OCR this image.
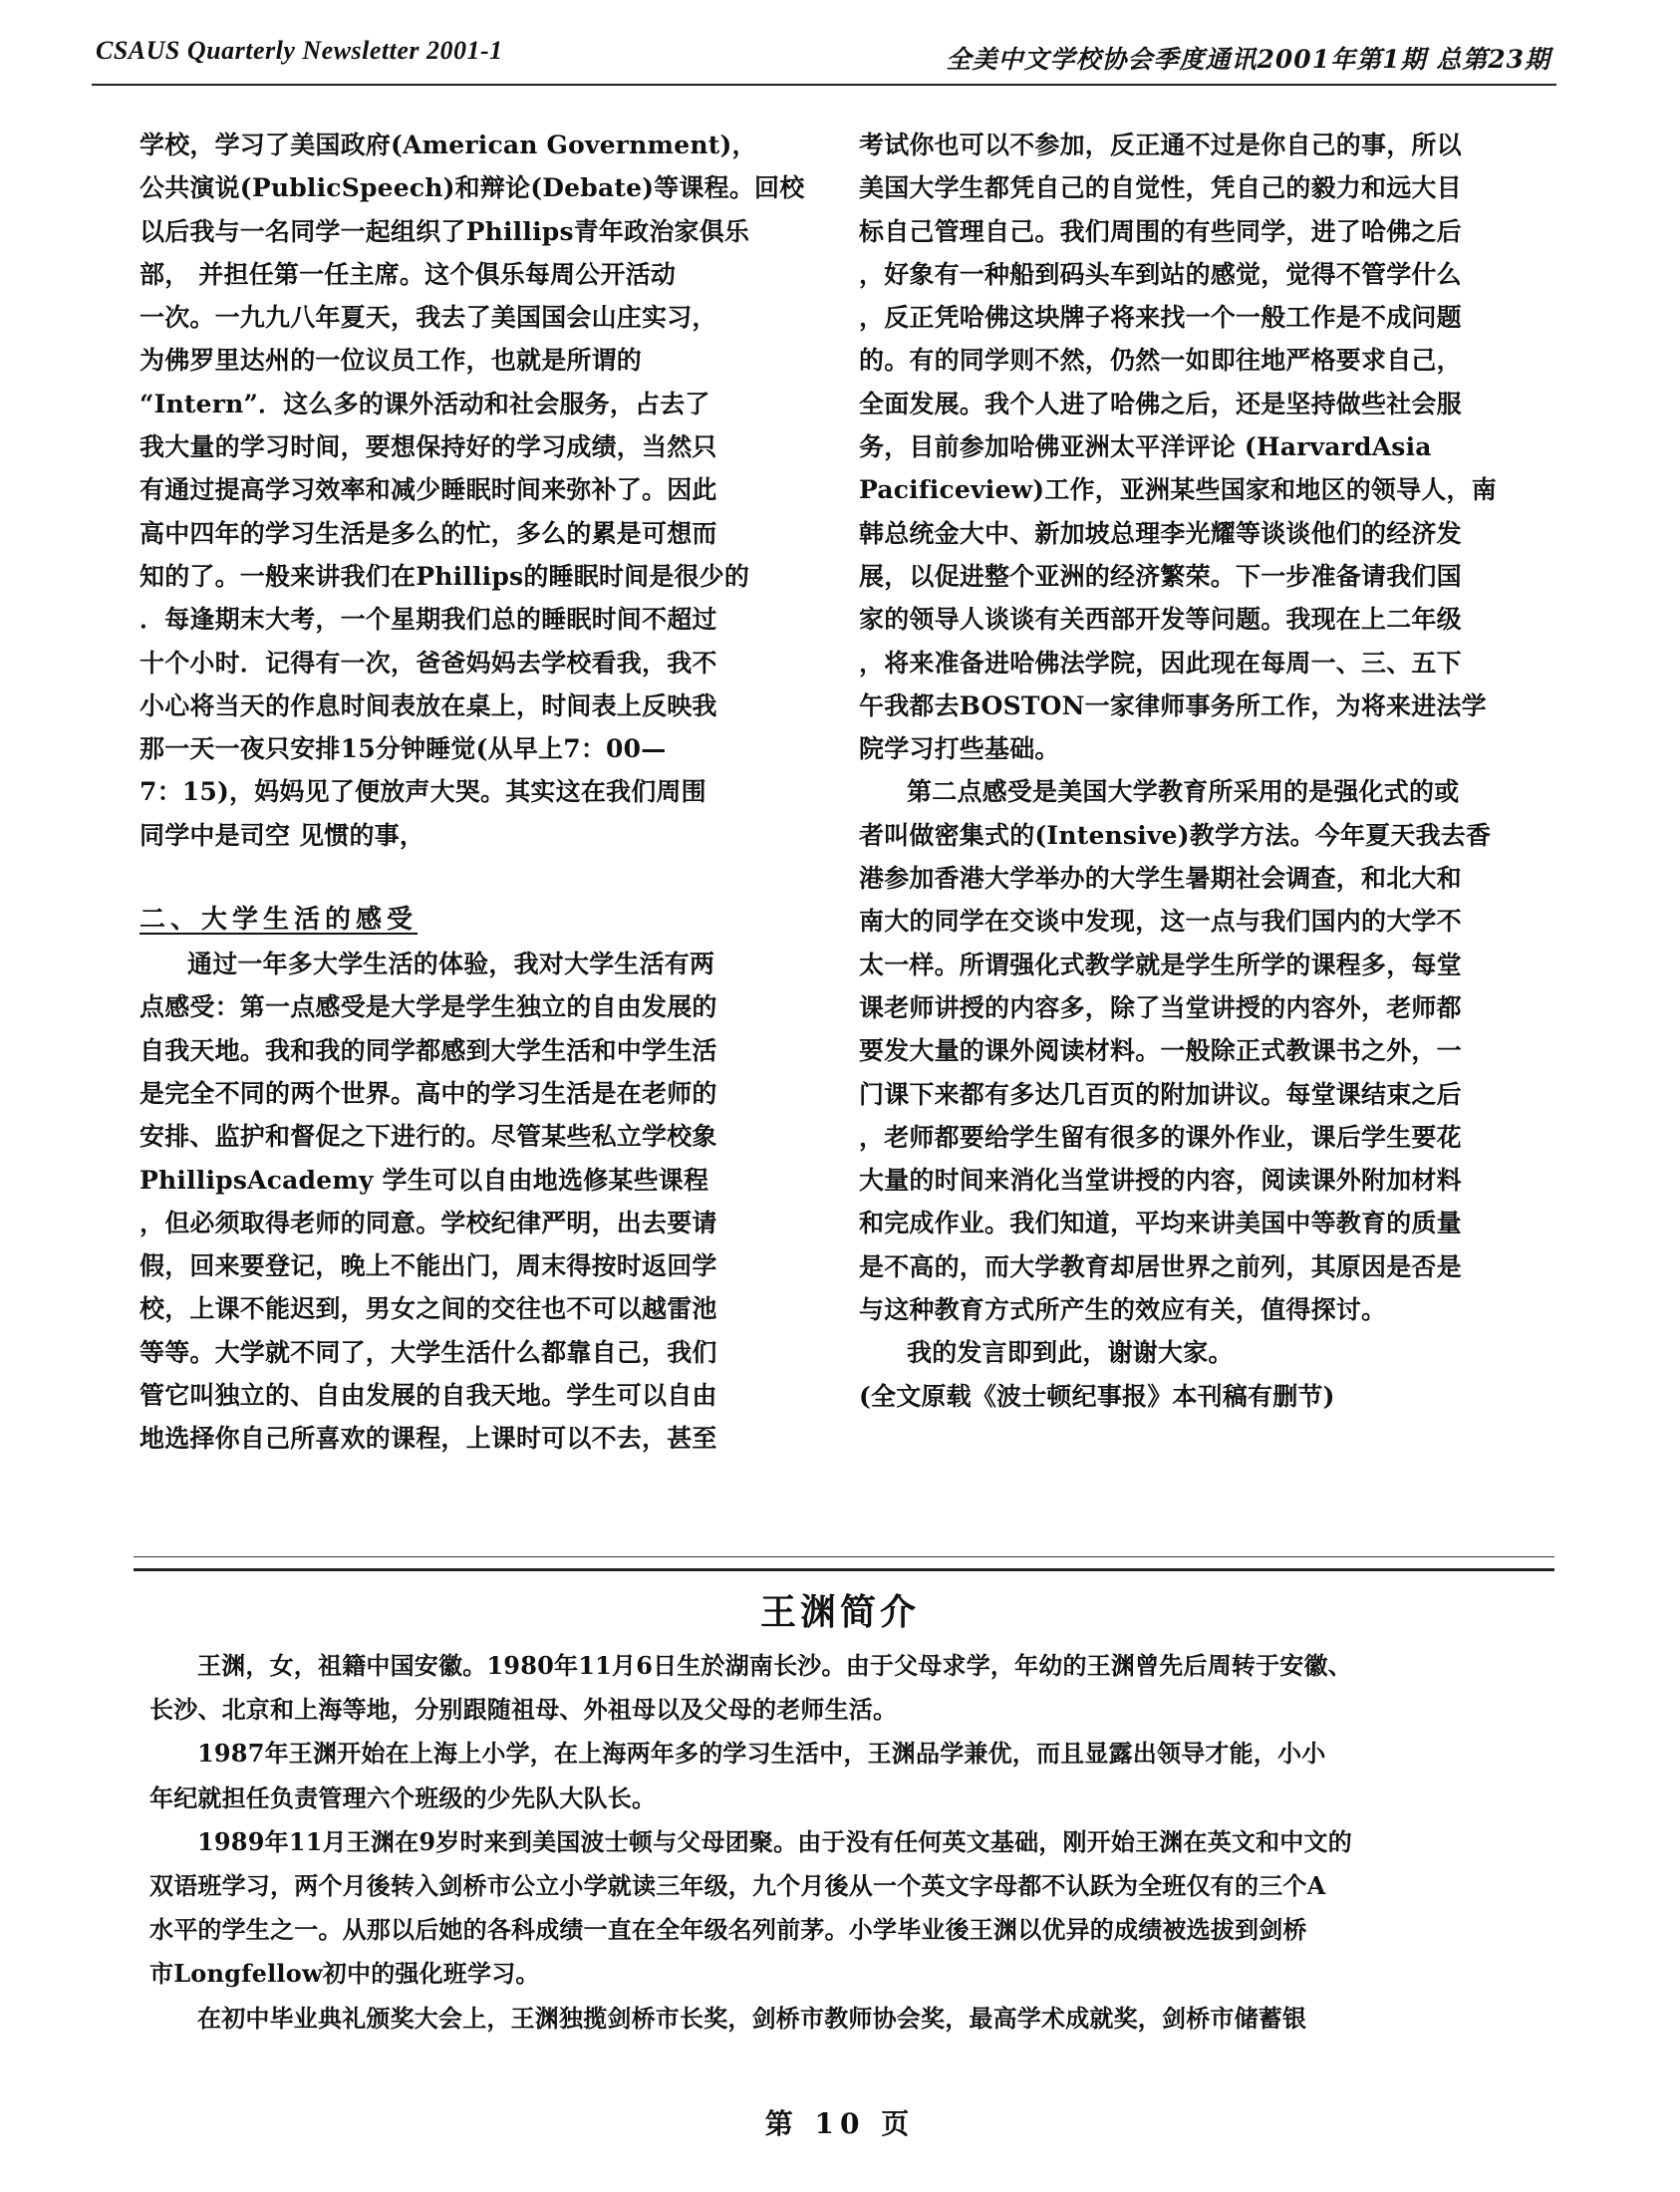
CSAUS Quarterly Newsletter 2001-1	全美中文学校协会季度通讯2001年第1期 总第23期
学校，学习了美国政府(American Government)，
公共演说(PublicSpeech)和辩论(Debate)等课程。回校
以后我与一名同学一起组织了Phillips青年政治家俱乐
部， 并担任第一任主席。这个俱乐每周公开活动
一次。一九九八年夏天，我去了美国国会山庄实习，
为佛罗里达州的一位议员工作，也就是所谓的
“Intern”．这么多的课外活动和社会服务，占去了
我大量的学习时间，要想保持好的学习成绩，当然只
有通过提高学习效率和减少睡眠时间来弥补了。因此
高中四年的学习生活是多么的忙，多么的累是可想而
知的了。一般来讲我们在Phillips的睡眠时间是很少的
．每逢期末大考，一个星期我们总的睡眠时间不超过
十个小时．记得有一次，爸爸妈妈去学校看我，我不
小心将当天的作息时间表放在桌上，时间表上反映我
那一天一夜只安排15分钟睡觉(从早上7：00—
7：15)，妈妈见了便放声大哭。其实这在我们周围
同学中是司空 见惯的事，
二、大学生活的感受
通过一年多大学生活的体验，我对大学生活有两
点感受：第一点感受是大学是学生独立的自由发展的
自我天地。我和我的同学都感到大学生活和中学生活
是完全不同的两个世界。高中的学习生活是在老师的
安排、监护和督促之下进行的。尽管某些私立学校象
PhillipsAcademy 学生可以自由地选修某些课程
，但必须取得老师的同意。学校纪律严明，出去要请
假，回来要登记，晚上不能出门，周末得按时返回学
校，上课不能迟到，男女之间的交往也不可以越雷池
等等。大学就不同了，大学生活什么都靠自己，我们
管它叫独立的、自由发展的自我天地。学生可以自由
地选择你自己所喜欢的课程，上课时可以不去，甚至
考试你也可以不参加，反正通不过是你自己的事，所以
美国大学生都凭自己的自觉性，凭自己的毅力和远大目
标自己管理自己。我们周围的有些同学，进了哈佛之后
，好象有一种船到码头车到站的感觉，觉得不管学什么
，反正凭哈佛这块牌子将来找一个一般工作是不成问题
的。有的同学则不然，仍然一如即往地严格要求自己，
全面发展。我个人进了哈佛之后，还是坚持做些社会服
务，目前参加哈佛亚洲太平洋评论 (HarvardAsia
Pacificeview)工作，亚洲某些国家和地区的领导人，南
韩总统金大中、新加坡总理李光耀等谈谈他们的经济发
展，以促进整个亚洲的经济繁荣。下一步准备请我们国
家的领导人谈谈有关西部开发等问题。我现在上二年级
，将来准备进哈佛法学院，因此现在每周一、三、五下
午我都去BOSTON一家律师事务所工作，为将来进法学
院学习打些基础。
第二点感受是美国大学教育所采用的是强化式的或
者叫做密集式的(Intensive)教学方法。今年夏天我去香
港参加香港大学举办的大学生暑期社会调查，和北大和
南大的同学在交谈中发现，这一点与我们国内的大学不
太一样。所谓强化式教学就是学生所学的课程多，每堂
课老师讲授的内容多，除了当堂讲授的内容外，老师都
要发大量的课外阅读材料。一般除正式教课书之外，一
门课下来都有多达几百页的附加讲议。每堂课结束之后
，老师都要给学生留有很多的课外作业，课后学生要花
大量的时间来消化当堂讲授的内容，阅读课外附加材料
和完成作业。我们知道，平均来讲美国中等教育的质量
是不高的，而大学教育却居世界之前列，其原因是否是
与这种教育方式所产生的效应有关，值得探讨。
我的发言即到此，谢谢大家。
(全文原载《波士顿纪事报》本刊稿有删节)
王渊简介
王渊，女，祖籍中国安徽。1980年11月6日生於湖南长沙。由于父母求学，年幼的王渊曾先后周转于安徽、
长沙、北京和上海等地，分别跟随祖母、外祖母以及父母的老师生活。
1987年王渊开始在上海上小学，在上海两年多的学习生活中，王渊品学兼优，而且显露出领导才能，小小
年纪就担任负责管理六个班级的少先队大队长。
1989年11月王渊在9岁时来到美国波士顿与父母团聚。由于没有任何英文基础，刚开始王渊在英文和中文的
双语班学习，两个月後转入剑桥市公立小学就读三年级，九个月後从一个英文字母都不认跃为全班仅有的三个A
水平的学生之一。从那以后她的各科成绩一直在全年级名列前茅。小学毕业後王渊以优异的成绩被选拔到剑桥
市Longfellow初中的强化班学习。
在初中毕业典礼颁奖大会上，王渊独揽剑桥市长奖，剑桥市教师协会奖，最高学术成就奖，剑桥市储蓄银
第 10 页
